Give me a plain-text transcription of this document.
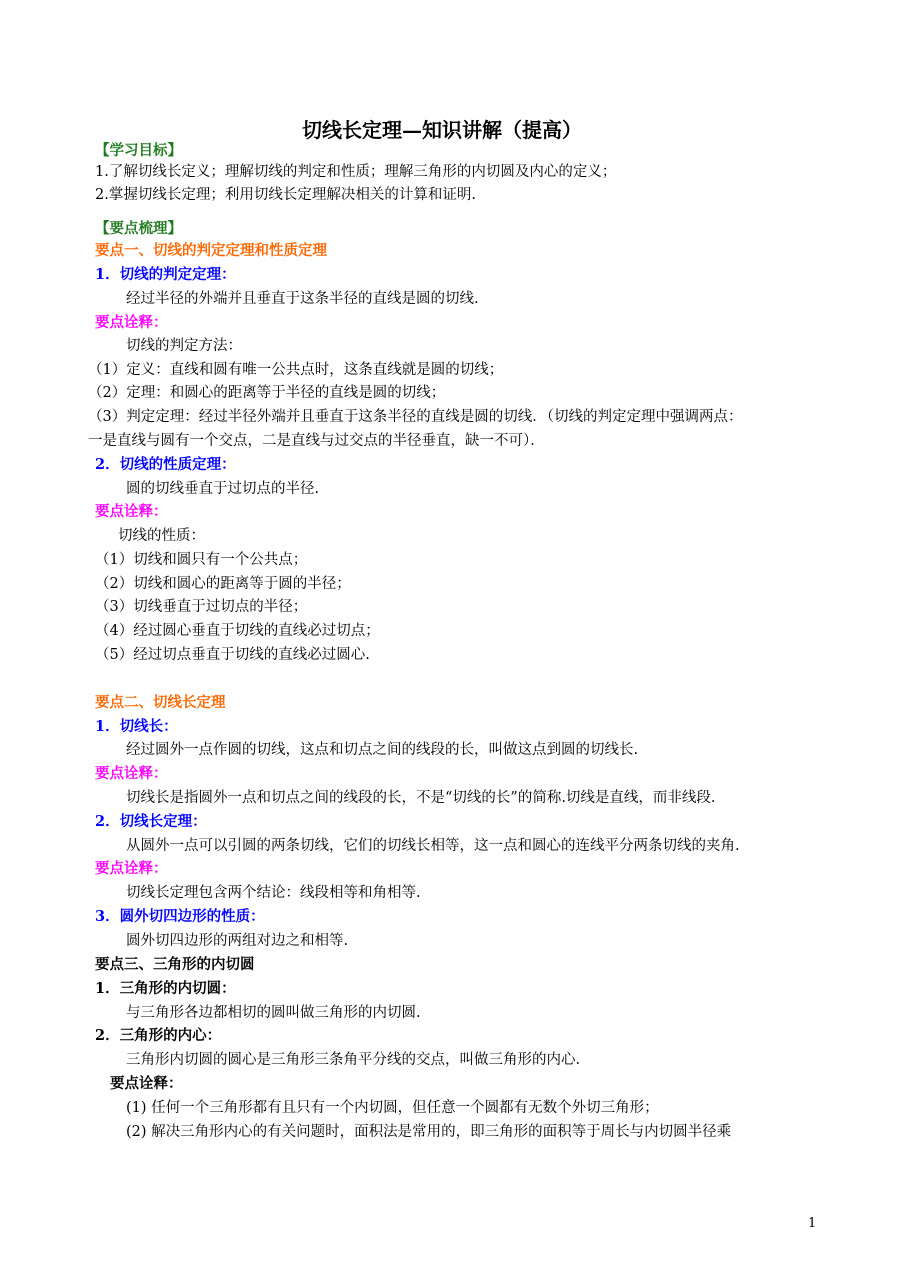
切线长定理—知识讲解（提高）
【学习目标】
1.了解切线长定义；理解切线的判定和性质；理解三角形的内切圆及内心的定义；
2.掌握切线长定理；利用切线长定理解决相关的计算和证明.
【要点梳理】
要点一、切线的判定定理和性质定理
1．切线的判定定理：
经过半径的外端并且垂直于这条半径的直线是圆的切线.
要点诠释：
切线的判定方法：
（1）定义：直线和圆有唯一公共点时，这条直线就是圆的切线；
（2）定理：和圆心的距离等于半径的直线是圆的切线；
（3）判定定理：经过半径外端并且垂直于这条半径的直线是圆的切线．（切线的判定定理中强调两点：
一是直线与圆有一个交点，二是直线与过交点的半径垂直，缺一不可）．
2．切线的性质定理：
圆的切线垂直于过切点的半径.
要点诠释：
切线的性质：
（1）切线和圆只有一个公共点；
（2）切线和圆心的距离等于圆的半径；
（3）切线垂直于过切点的半径；
（4）经过圆心垂直于切线的直线必过切点；
（5）经过切点垂直于切线的直线必过圆心.
要点二、切线长定理
1．切线长：
经过圆外一点作圆的切线，这点和切点之间的线段的长，叫做这点到圆的切线长.
要点诠释：
切线长是指圆外一点和切点之间的线段的长，不是“切线的长”的简称.切线是直线，而非线段.
2．切线长定理：
从圆外一点可以引圆的两条切线，它们的切线长相等，这一点和圆心的连线平分两条切线的夹角.
要点诠释：
切线长定理包含两个结论：线段相等和角相等.
3．圆外切四边形的性质：
圆外切四边形的两组对边之和相等.
要点三、三角形的内切圆
1．三角形的内切圆：
与三角形各边都相切的圆叫做三角形的内切圆.
2．三角形的内心：
三角形内切圆的圆心是三角形三条角平分线的交点，叫做三角形的内心.
要点诠释：
(1) 任何一个三角形都有且只有一个内切圆，但任意一个圆都有无数个外切三角形；
(2) 解决三角形内心的有关问题时，面积法是常用的，即三角形的面积等于周长与内切圆半径乘
1
